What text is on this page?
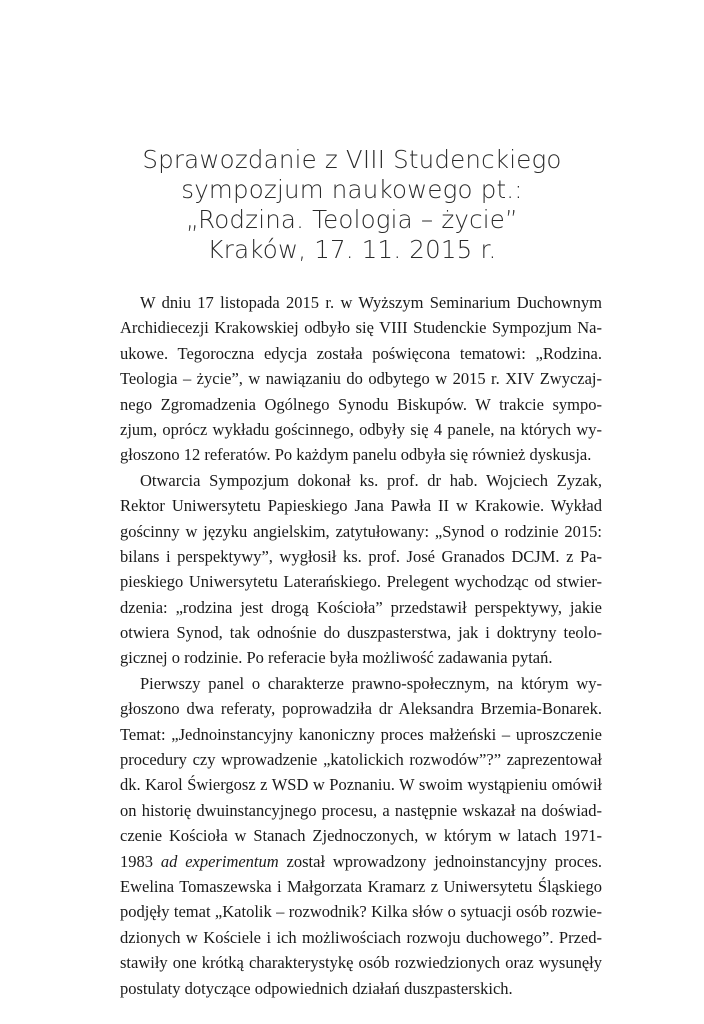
Sprawozdanie z VIII Studenckiego
sympozjum naukowego pt.:
„Rodzina. Teologia – życie”
Kraków, 17. 11. 2015 r.
W dniu 17 listopada 2015 r. w Wyższym Seminarium Duchownym
Archidiecezji Krakowskiej odbyło się VIII Studenckie Sympozjum Na-
ukowe. Tegoroczna edycja została poświęcona tematowi: „Rodzina.
Teologia – życie”, w nawiązaniu do odbytego w 2015 r. XIV Zwyczaj-
nego Zgromadzenia Ogólnego Synodu Biskupów. W trakcie sympo-
zjum, oprócz wykładu gościnnego, odbyły się 4 panele, na których wy-
głoszono 12 referatów. Po każdym panelu odbyła się również dyskusja.
Otwarcia Sympozjum dokonał ks. prof. dr hab. Wojciech Zyzak,
Rektor Uniwersytetu Papieskiego Jana Pawła II w Krakowie. Wykład
gościnny w języku angielskim, zatytułowany: „Synod o rodzinie 2015:
bilans i perspektywy”, wygłosił ks. prof. José Granados DCJM. z Pa-
pieskiego Uniwersytetu Laterańskiego. Prelegent wychodząc od stwier-
dzenia: „rodzina jest drogą Kościoła” przedstawił perspektywy, jakie
otwiera Synod, tak odnośnie do duszpasterstwa, jak i doktryny teolo-
gicznej o rodzinie. Po referacie była możliwość zadawania pytań.
Pierwszy panel o charakterze prawno-społecznym, na którym wy-
głoszono dwa referaty, poprowadziła dr Aleksandra Brzemia-Bonarek.
Temat: „Jednoinstancyjny kanoniczny proces małżeński – uproszczenie
procedury czy wprowadzenie „katolickich rozwodów”?” zaprezentował
dk. Karol Świergosz z WSD w Poznaniu. W swoim wystąpieniu omówił
on historię dwuinstancyjnego procesu, a następnie wskazał na doświad-
czenie Kościoła w Stanach Zjednoczonych, w którym w latach 1971-
1983 ad experimentum został wprowadzony jednoinstancyjny proces.
Ewelina Tomaszewska i Małgorzata Kramarz z Uniwersytetu Śląskiego
podjęły temat „Katolik – rozwodnik? Kilka słów o sytuacji osób rozwie-
dzionych w Kościele i ich możliwościach rozwoju duchowego”. Przed-
stawiły one krótką charakterystykę osób rozwiedzionych oraz wysunęły
postulaty dotyczące odpowiednich działań duszpasterskich.
